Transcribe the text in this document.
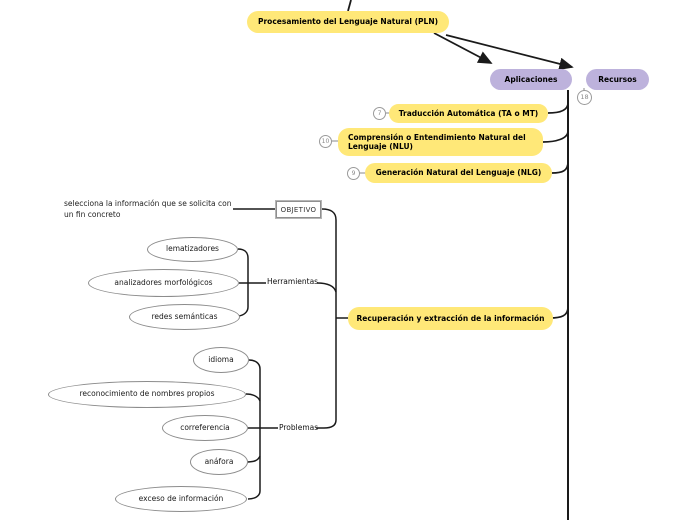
Procesamiento del Lenguaje Natural (PLN)
Aplicaciones	Recursos
18
Traducción Automática (TA o MT)
7
Comprensión o Entendimiento Natural del Lenguaje (NLU)
10
Generación Natural del Lenguaje (NLG)
9
Recuperación y extracción de la información
selecciona la información que se solicita con un fin concreto	OBJETIVO
lematizadores
analizadores morfológicos
redes semánticas
Herramientas
idioma
reconocimiento de nombres propios
correferencia
anáfora
exceso de información
Problemas
